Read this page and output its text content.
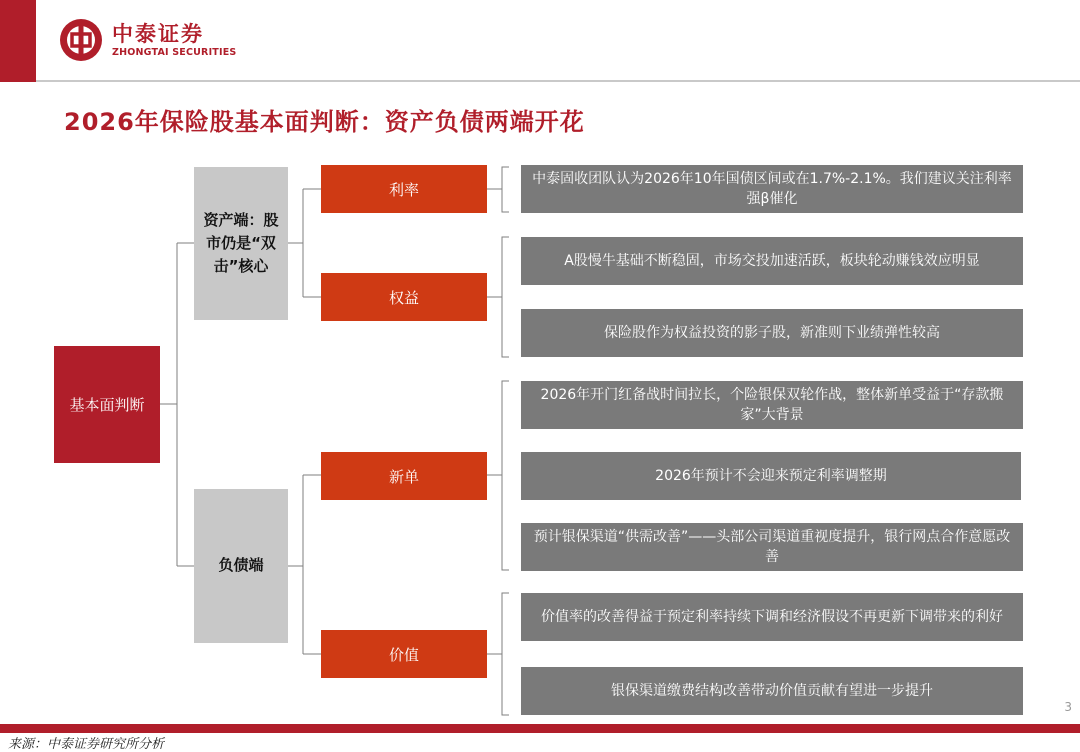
中泰证券
ZHONGTAI SECURITIES
2026年保险股基本面判断：资产负债两端开花
基本面判断
资产端：股市仍是“双击”核心
负债端
利率
权益
新单
价值
中泰固收团队认为2026年10年国债区间或在1.7%-2.1%。我们建议关注利率强β催化
A股慢牛基础不断稳固，市场交投加速活跃，板块轮动赚钱效应明显
保险股作为权益投资的影子股，新准则下业绩弹性较高
2026年开门红备战时间拉长，个险银保双轮作战，整体新单受益于“存款搬家”大背景
2026年预计不会迎来预定利率调整期
预计银保渠道“供需改善”——头部公司渠道重视度提升，银行网点合作意愿改善
价值率的改善得益于预定利率持续下调和经济假设不再更新下调带来的利好
银保渠道缴费结构改善带动价值贡献有望进一步提升
3
来源：中泰证券研究所分析
